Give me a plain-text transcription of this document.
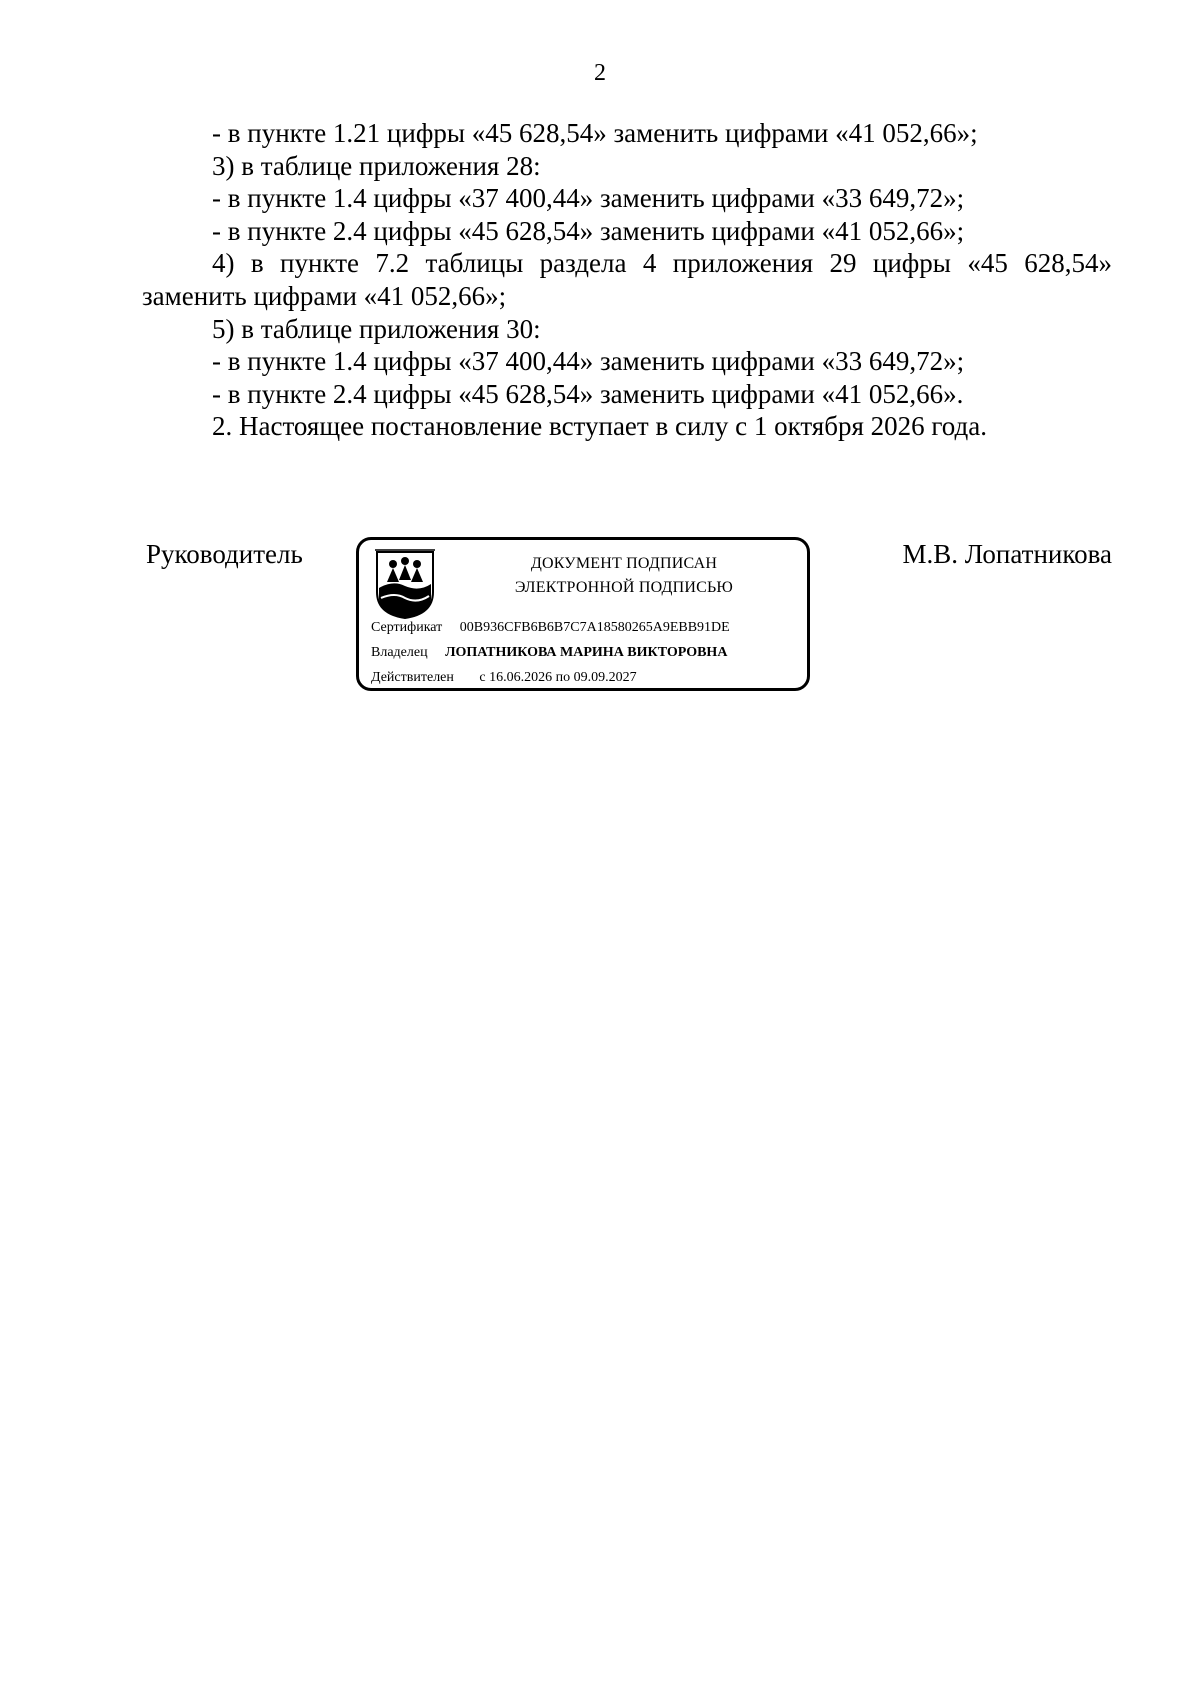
2

- в пункте 1.21 цифры «45 628,54» заменить цифрами «41 052,66»;

3) в таблице приложения 28:

- в пункте 1.4 цифры «37 400,44» заменить цифрами «33 649,72»;

- в пункте 2.4 цифры «45 628,54» заменить цифрами «41 052,66»;

4) в пункте 7.2 таблицы раздела 4 приложения 29 цифры «45 628,54» заменить цифрами «41 052,66»;

5) в таблице приложения 30:

- в пункте 1.4 цифры «37 400,44» заменить цифрами «33 649,72»;

- в пункте 2.4 цифры «45 628,54» заменить цифрами «41 052,66».

2. Настоящее постановление вступает в силу с 1 октября 2026 года.

Руководитель	ДОКУМЕНТ ПОДПИСАН
ЭЛЕКТРОННОЙ ПОДПИСЬЮ
Сертификат 00B936CFB6B6B7C7A18580265A9EBB91DE
Владелец ЛОПАТНИКОВА МАРИНА ВИКТОРОВНА
Действителен с 16.06.2026 по 09.09.2027
М.В. Лопатникова
